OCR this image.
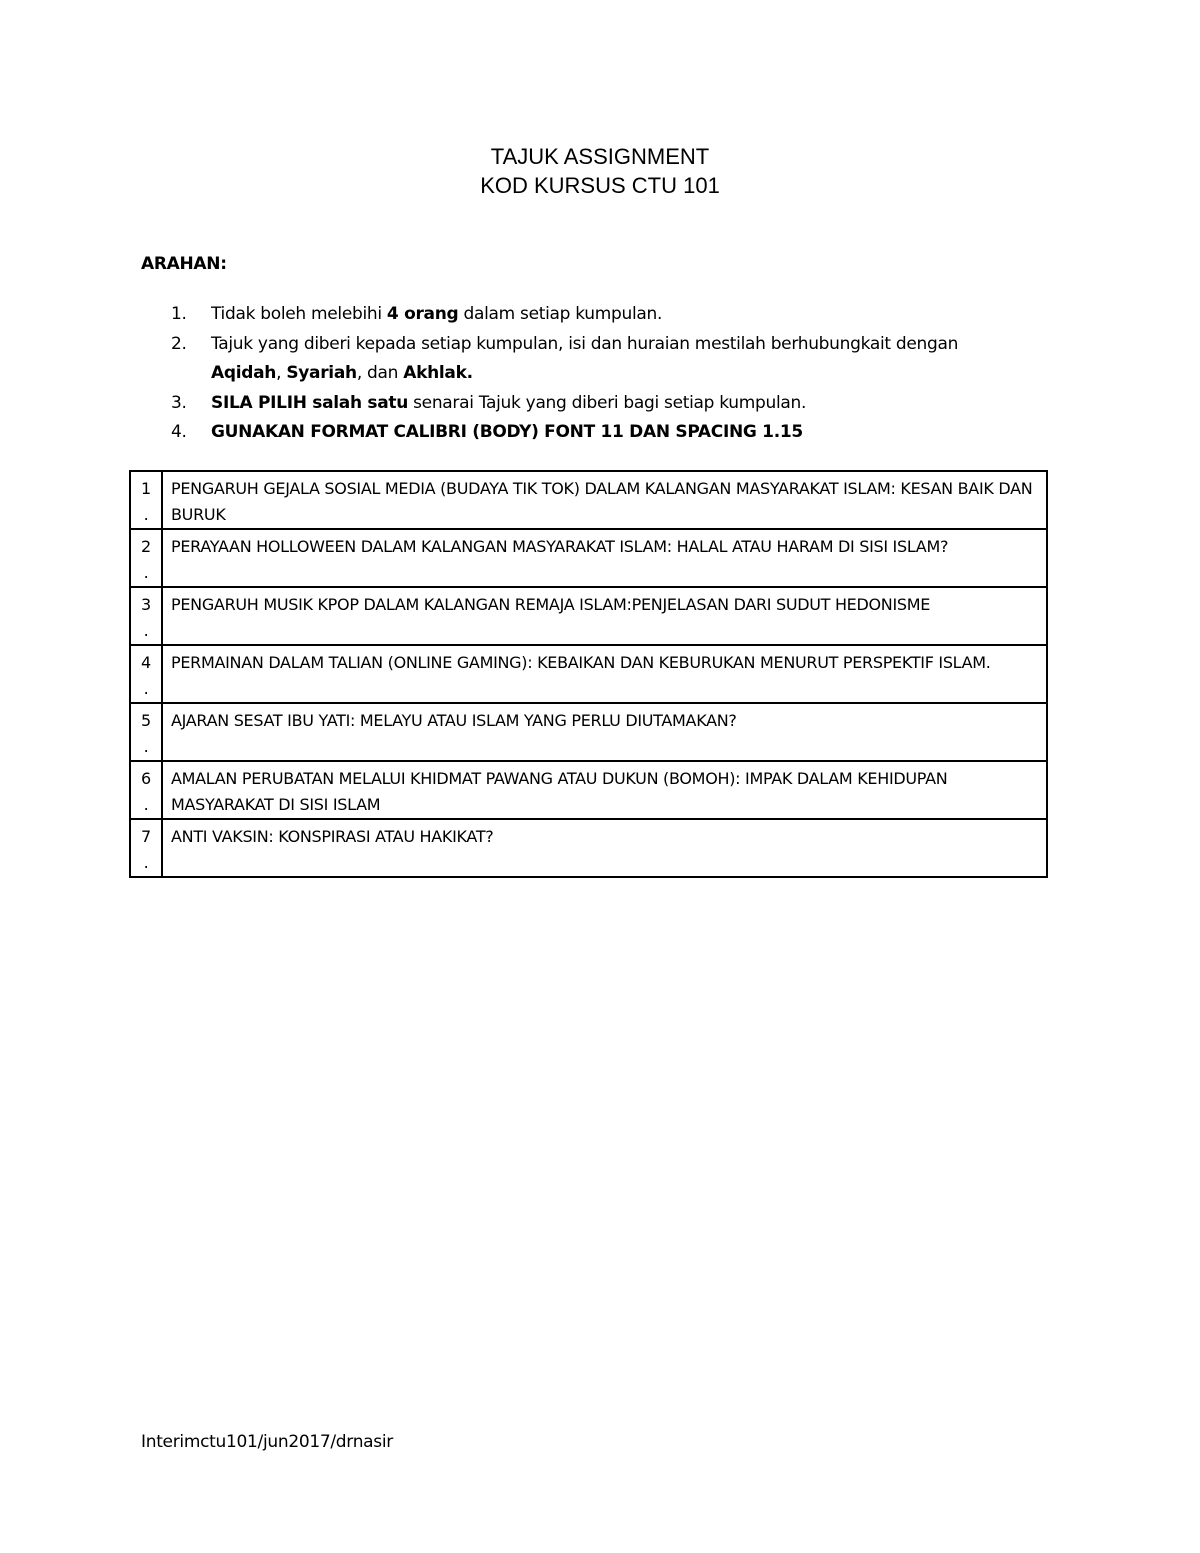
TAJUK ASSIGNMENT
KOD KURSUS CTU 101
ARAHAN:
1. Tidak boleh melebihi 4 orang dalam setiap kumpulan.
2. Tajuk yang diberi kepada setiap kumpulan, isi dan huraian mestilah berhubungkait dengan Aqidah, Syariah, dan Akhlak.
3. SILA PILIH salah satu senarai Tajuk yang diberi bagi setiap kumpulan.
4. GUNAKAN FORMAT CALIBRI (BODY) FONT 11 DAN SPACING 1.15
1
.	PENGARUH GEJALA SOSIAL MEDIA (BUDAYA TIK TOK) DALAM KALANGAN MASYARAKAT ISLAM: KESAN BAIK DAN BURUK

2
.	PERAYAAN HOLLOWEEN DALAM KALANGAN MASYARAKAT ISLAM: HALAL ATAU HARAM DI SISI ISLAM?

3
.	PENGARUH MUSIK KPOP DALAM KALANGAN REMAJA ISLAM:PENJELASAN DARI SUDUT HEDONISME

4
.	PERMAINAN DALAM TALIAN (ONLINE GAMING): KEBAIKAN DAN KEBURUKAN MENURUT PERSPEKTIF ISLAM.

5
.	AJARAN SESAT IBU YATI: MELAYU ATAU ISLAM YANG PERLU DIUTAMAKAN?

6
.	AMALAN PERUBATAN MELALUI KHIDMAT PAWANG ATAU DUKUN (BOMOH): IMPAK DALAM KEHIDUPAN MASYARAKAT DI SISI ISLAM

7
.	ANTI VAKSIN: KONSPIRASI ATAU HAKIKAT?
Interimctu101/jun2017/drnasir
